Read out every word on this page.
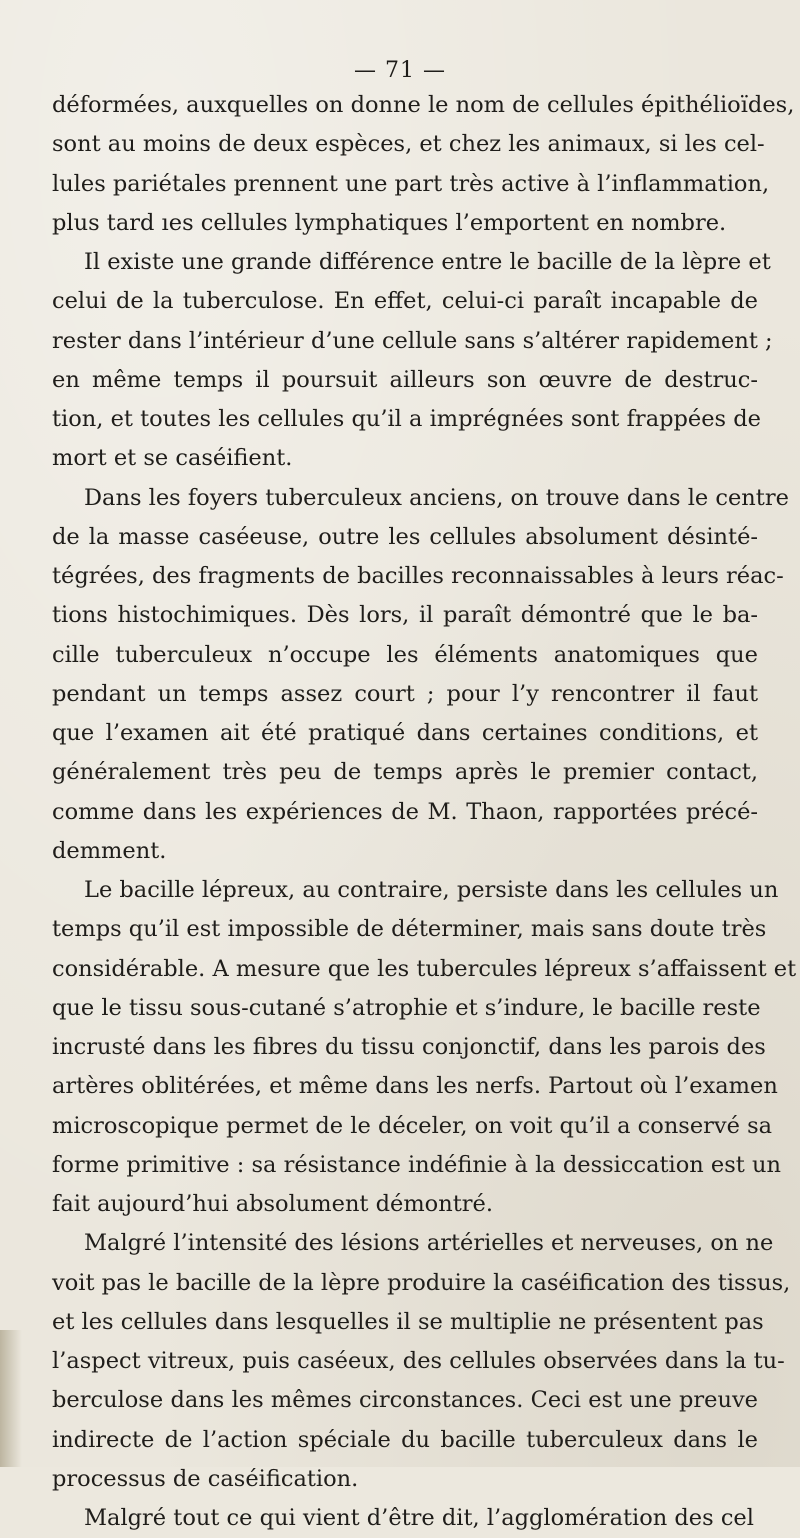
— 71 —
déformées, auxquelles on donne le nom de cellules épithélioïdes,
sont au moins de deux espèces, et chez les animaux, si les cel-
lules pariétales prennent une part très active à l’inflammation,
plus tard ıes cellules lymphatiques l’emportent en nombre.
Il existe une grande différence entre le bacille de la lèpre et
celui de la tuberculose. En effet, celui-ci paraît incapable de
rester dans l’intérieur d’une cellule sans s’altérer rapidement ;
en même temps il poursuit ailleurs son œuvre de destruc-
tion, et toutes les cellules qu’il a imprégnées sont frappées de
mort et se caséifient.
Dans les foyers tuberculeux anciens, on trouve dans le centre
de la masse caséeuse, outre les cellules absolument désinté-
tégrées, des fragments de bacilles reconnaissables à leurs réac-
tions histochimiques. Dès lors, il paraît démontré que le ba-
cille tuberculeux n’occupe les éléments anatomiques que
pendant un temps assez court ; pour l’y rencontrer il faut
que l’examen ait été pratiqué dans certaines conditions, et
généralement très peu de temps après le premier contact,
comme dans les expériences de M. Thaon, rapportées précé-
demment.
Le bacille lépreux, au contraire, persiste dans les cellules un
temps qu’il est impossible de déterminer, mais sans doute très
considérable. A mesure que les tubercules lépreux s’affaissent et
que le tissu sous-cutané s’atrophie et s’indure, le bacille reste
incrusté dans les fibres du tissu conjonctif, dans les parois des
artères oblitérées, et même dans les nerfs. Partout où l’examen
microscopique permet de le déceler, on voit qu’il a conservé sa
forme primitive : sa résistance indéfinie à la dessiccation est un
fait aujourd’hui absolument démontré.
Malgré l’intensité des lésions artérielles et nerveuses, on ne
voit pas le bacille de la lèpre produire la caséification des tissus,
et les cellules dans lesquelles il se multiplie ne présentent pas
l’aspect vitreux, puis caséeux, des cellules observées dans la tu-
berculose dans les mêmes circonstances. Ceci est une preuve
indirecte de l’action spéciale du bacille tuberculeux dans le
processus de caséification.
Malgré tout ce qui vient d’être dit, l’agglomération des cel
